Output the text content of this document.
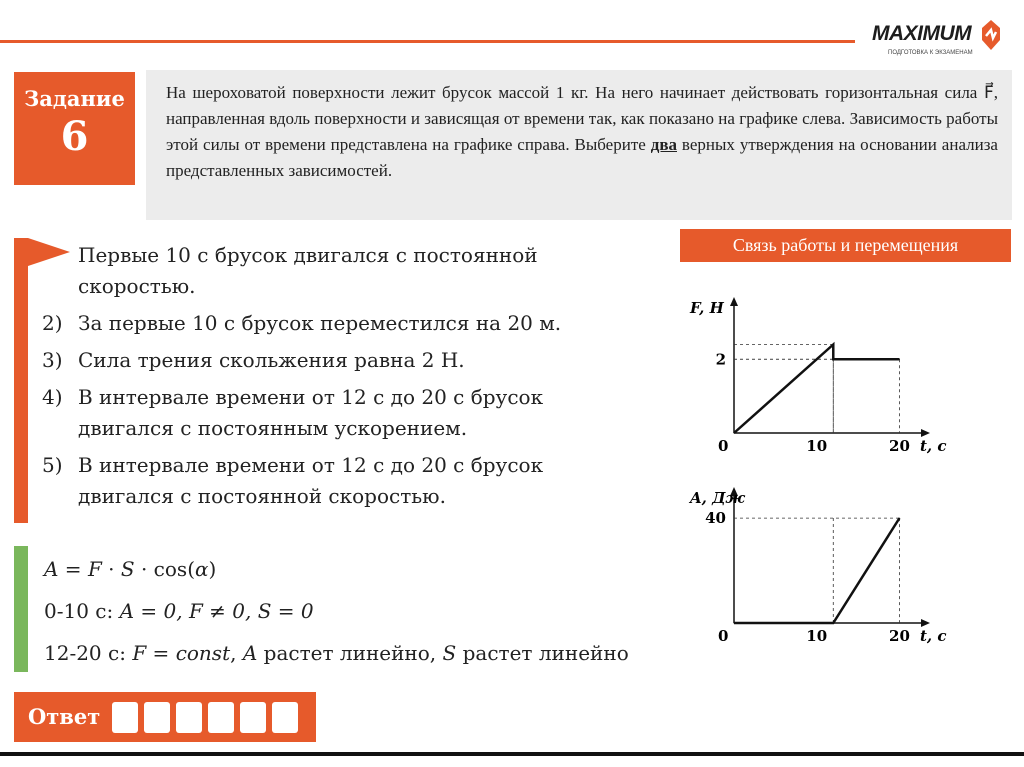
MAXIMUM
ПОДГОТОВКА К ЭКЗАМЕНАМ
Задание
6
На шероховатой поверхности лежит брусок массой 1 кг. На него начинает действовать горизонтальная сила F⃗, направленная вдоль поверхности и зависящая от времени так, как показано на графике слева. Зависимость работы этой силы от времени представлена на графике справа. Выберите два верных утверждения на основании анализа представленных зависимостей.
Связь работы и перемещения
Первые 10 с брусок двигался с постоянной скоростью.
2) За первые 10 с брусок переместился на 20 м.
3) Сила трения скольжения равна 2 Н.
4) В интервале времени от 12 с до 20 с брусок двигался с постоянным ускорением.
5) В интервале времени от 12 с до 20 с брусок двигался с постоянной скоростью.
A = F · S · cos(α)
0-10 с: A = 0, F ≠ 0, S = 0
12-20 с: F = const, A растет линейно, S растет линейно
Ответ
F, Н
t, с
0	10	20
2
A, Дж
t, с
0	10	20
40
